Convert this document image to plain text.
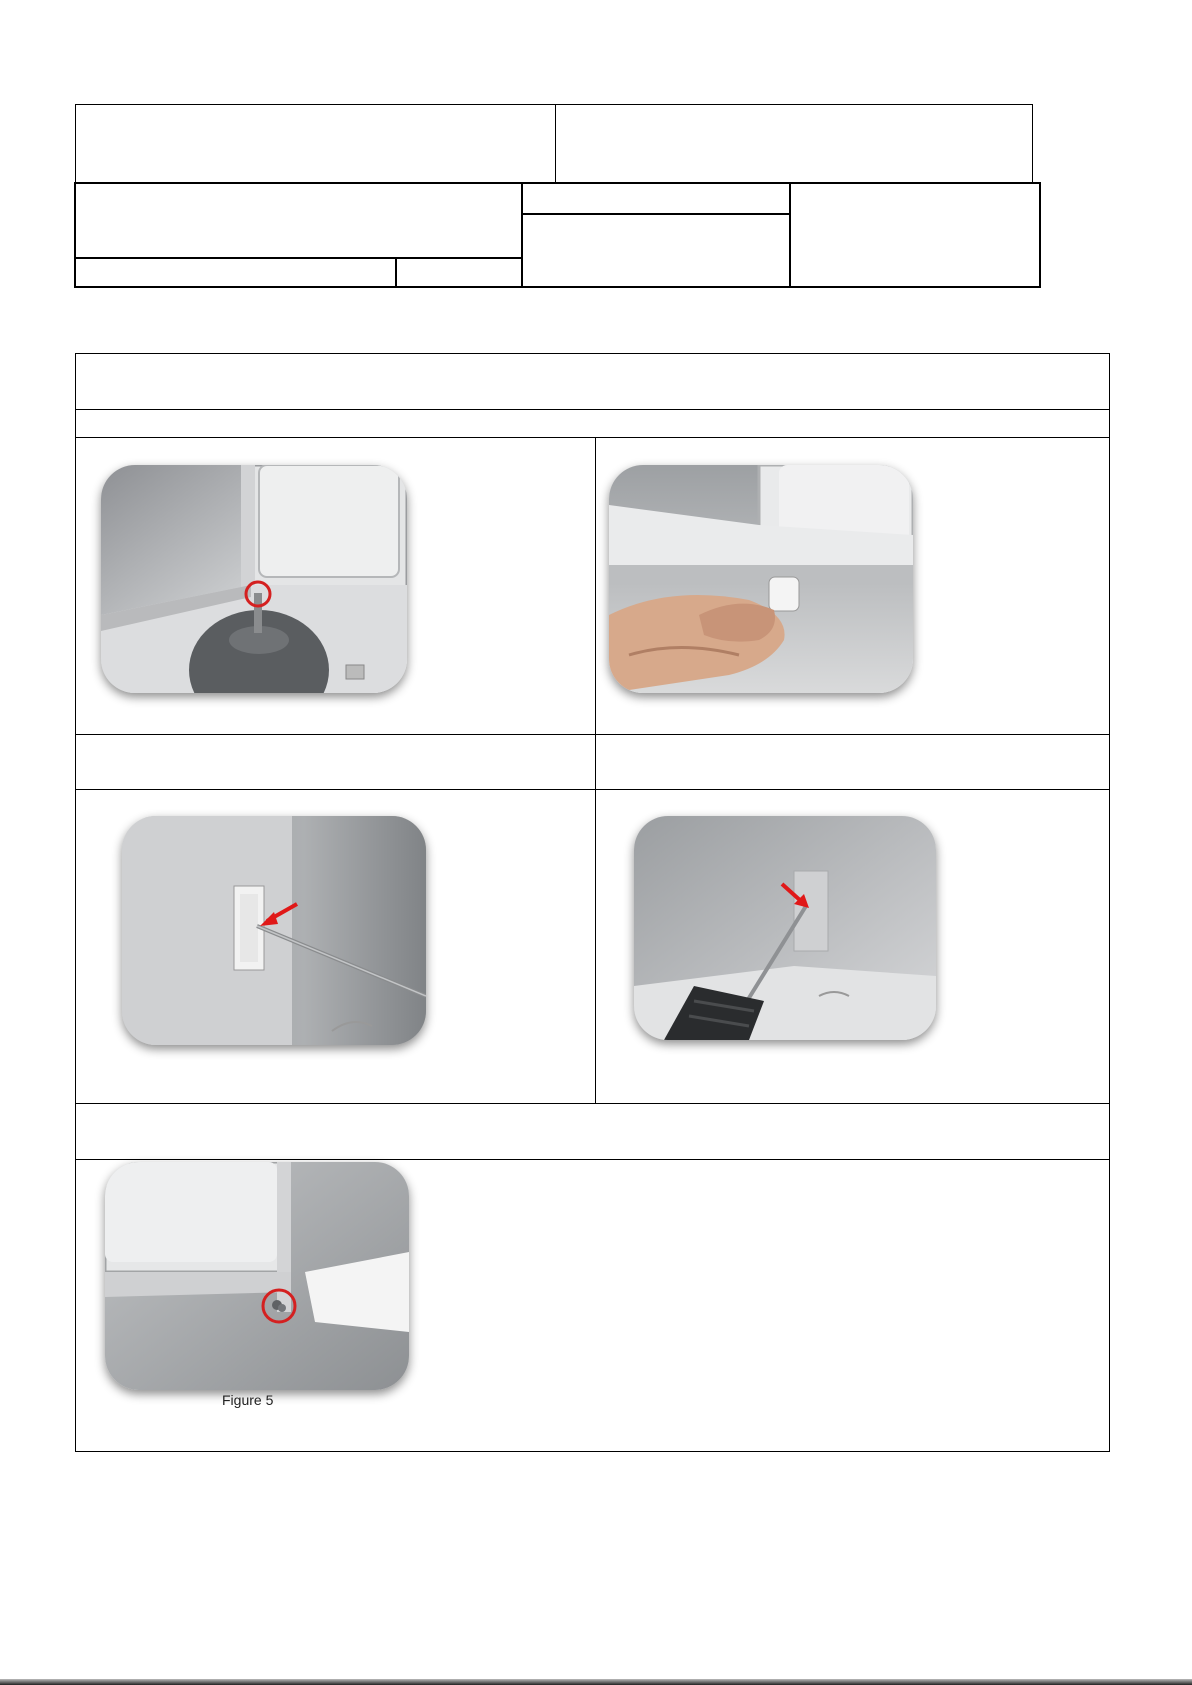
Figure 5
